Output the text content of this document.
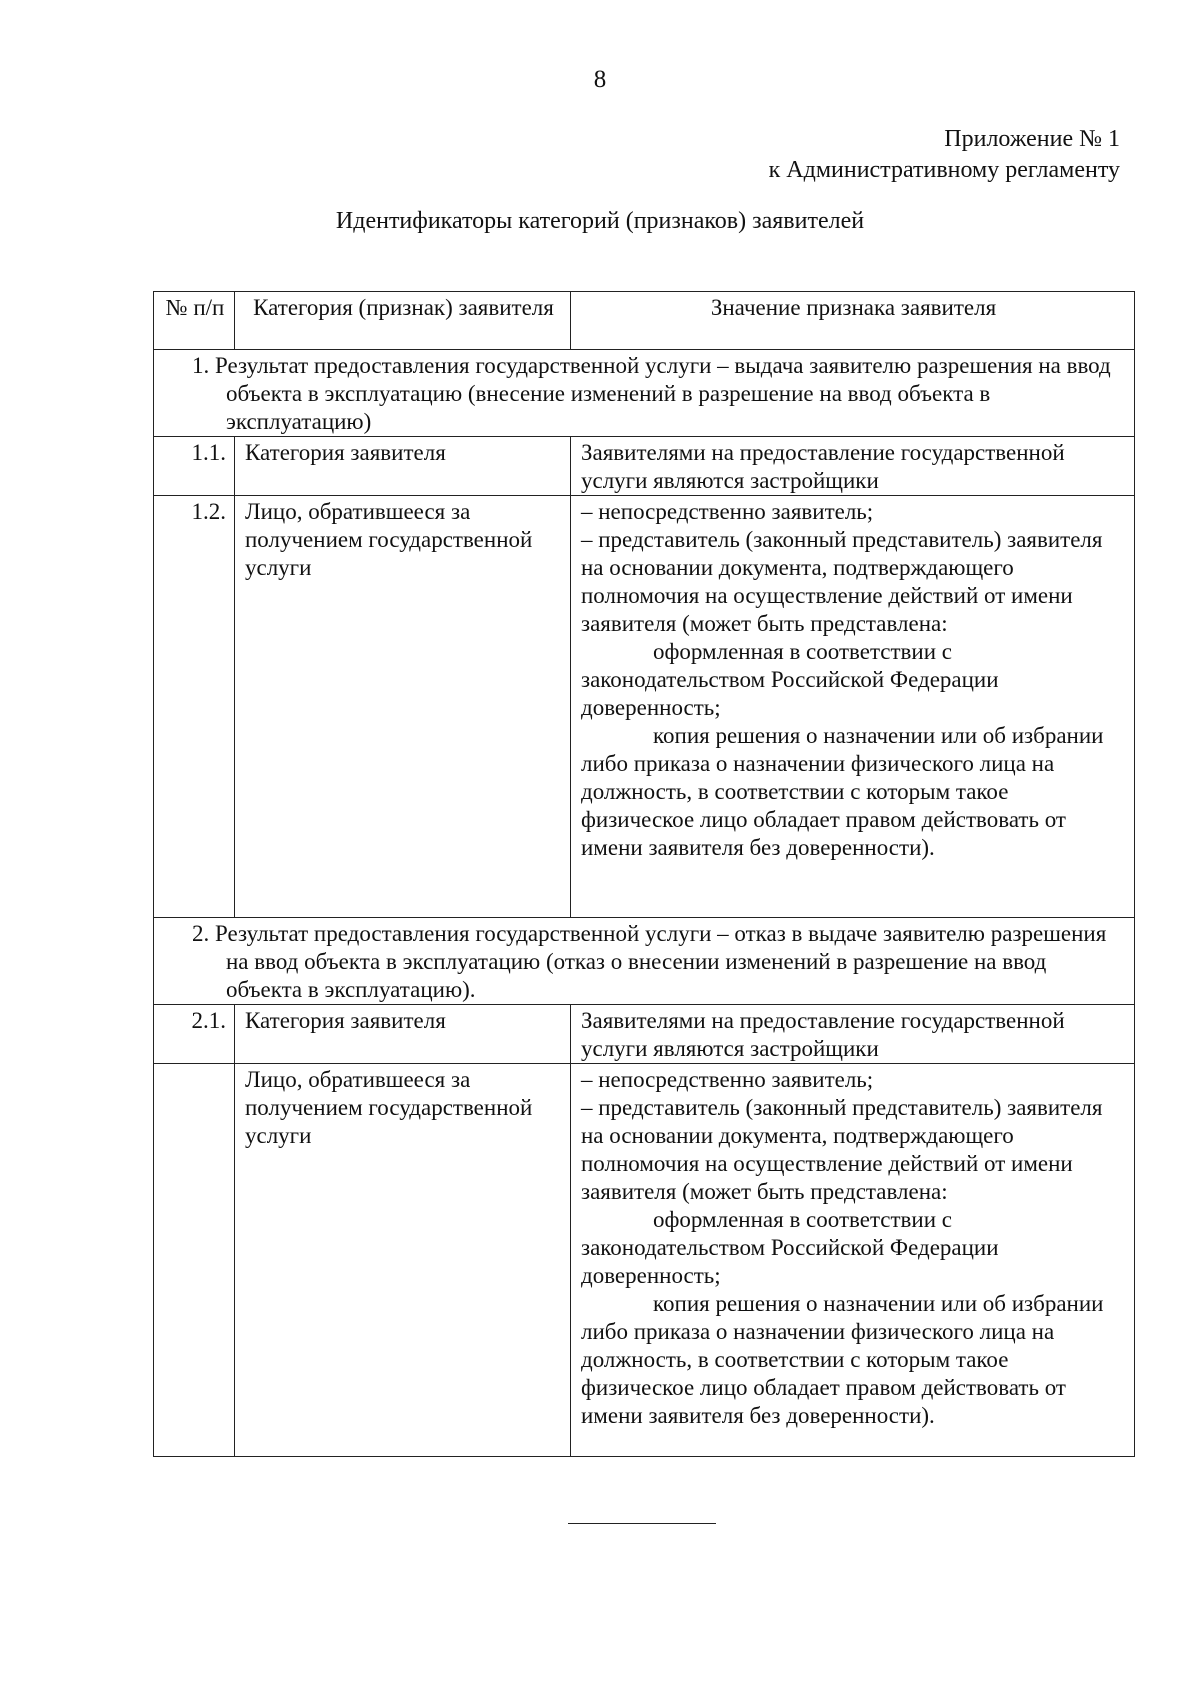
8
Приложение № 1
к Административному регламенту
Идентификаторы категорий (признаков) заявителей
№ п/п	Категория (признак) заявителя	Значение признака заявителя
1. Результат предоставления государственной услуги – выдача заявителю разрешения на ввод объекта в эксплуатацию (внесение изменений в разрешение на ввод объекта в эксплуатацию)		
1.1.	Категория заявителя	Заявителями на предоставление государственной услуги являются застройщики
1.2.	Лицо, обратившееся за получением государственной услуги	– непосредственно заявитель;
– представитель (законный представитель) заявителя на основании документа, подтверждающего полномочия на осуществление действий от имени заявителя (может быть представлена:
оформленная в соответствии с законодательством Российской Федерации доверенность;
копия решения о назначении или об избрании либо приказа о назначении физического лица на должность, в соответствии с которым такое физическое лицо обладает правом действовать от имени заявителя без доверенности).

2. Результат предоставления государственной услуги – отказ в выдаче заявителю разрешения на ввод объекта в эксплуатацию (отказ о внесении изменений в разрешение на ввод объекта в эксплуатацию).		
2.1.	Категория заявителя	Заявителями на предоставление государственной услуги являются застройщики
	Лицо, обратившееся за получением государственной услуги	– непосредственно заявитель;
– представитель (законный представитель) заявителя на основании документа, подтверждающего полномочия на осуществление действий от имени заявителя (может быть представлена:
оформленная в соответствии с законодательством Российской Федерации доверенность;
копия решения о назначении или об избрании либо приказа о назначении физического лица на должность, в соответствии с которым такое физическое лицо обладает правом действовать от имени заявителя без доверенности).
